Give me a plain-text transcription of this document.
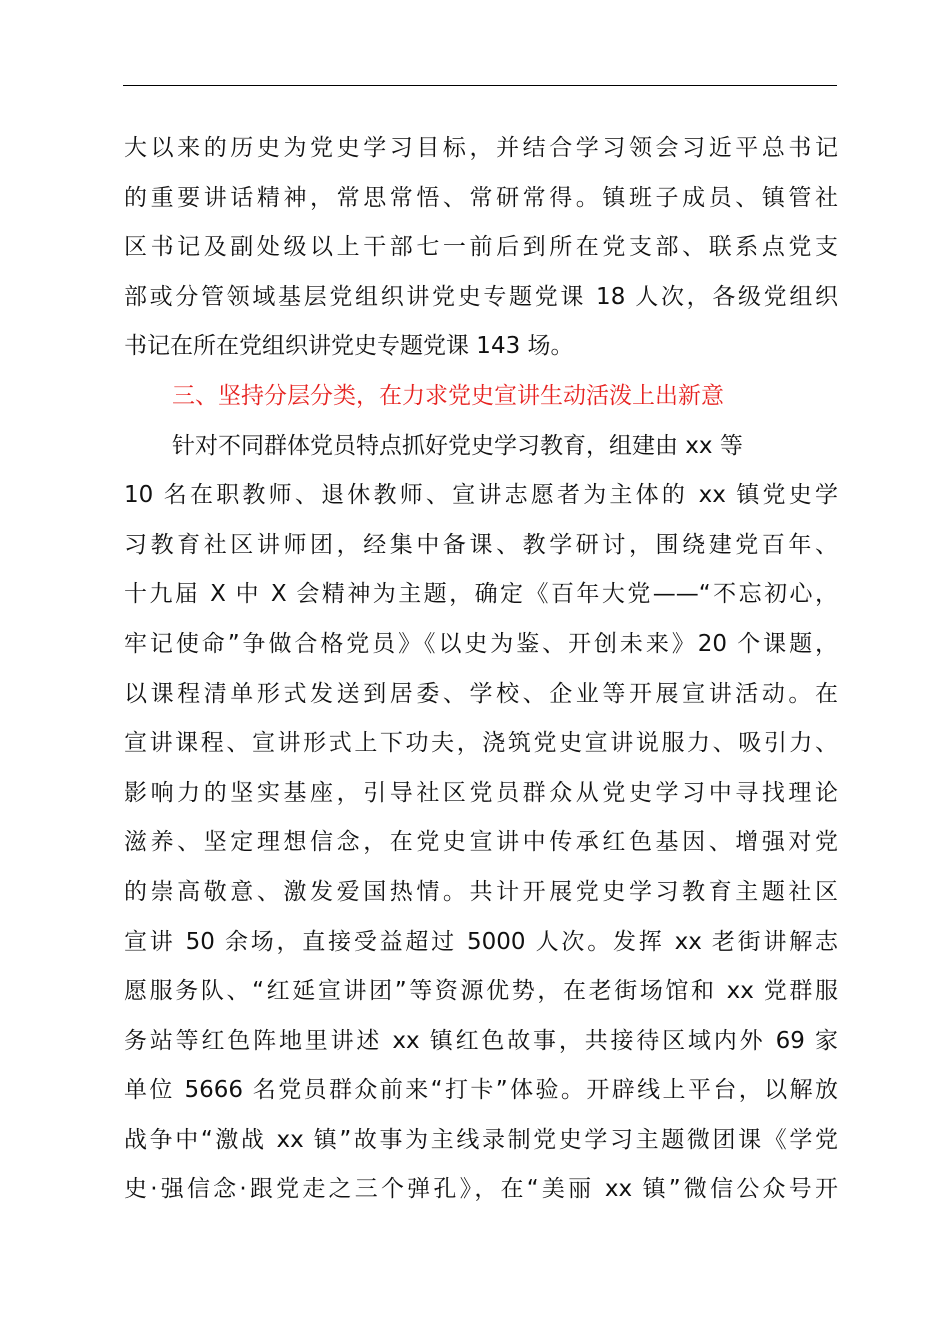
大以来的历史为党史学习目标，并结合学习领会习近平总书记
的重要讲话精神，常思常悟、常研常得。镇班子成员、镇管社
区书记及副处级以上干部七一前后到所在党支部、联系点党支
部或分管领域基层党组织讲党史专题党课 18 人次，各级党组织
书记在所在党组织讲党史专题党课 143 场。
三、坚持分层分类，在力求党史宣讲生动活泼上出新意
针对不同群体党员特点抓好党史学习教育，组建由 xx 等
10 名在职教师、退休教师、宣讲志愿者为主体的 xx 镇党史学
习教育社区讲师团，经集中备课、教学研讨，围绕建党百年、
十九届 X 中 X 会精神为主题，确定《百年大党——“不忘初心，
牢记使命”争做合格党员》《以史为鉴、开创未来》20 个课题，
以课程清单形式发送到居委、学校、企业等开展宣讲活动。在
宣讲课程、宣讲形式上下功夫，浇筑党史宣讲说服力、吸引力、
影响力的坚实基座，引导社区党员群众从党史学习中寻找理论
滋养、坚定理想信念，在党史宣讲中传承红色基因、增强对党
的崇高敬意、激发爱国热情。共计开展党史学习教育主题社区
宣讲 50 余场，直接受益超过 5000 人次。发挥 xx 老街讲解志
愿服务队、“红延宣讲团”等资源优势，在老街场馆和 xx 党群服
务站等红色阵地里讲述 xx 镇红色故事，共接待区域内外 69 家
单位 5666 名党员群众前来“打卡”体验。开辟线上平台，以解放
战争中“激战 xx 镇”故事为主线录制党史学习主题微团课《学党
史·强信念·跟党走之三个弹孔》，在“美丽 xx 镇”微信公众号开
